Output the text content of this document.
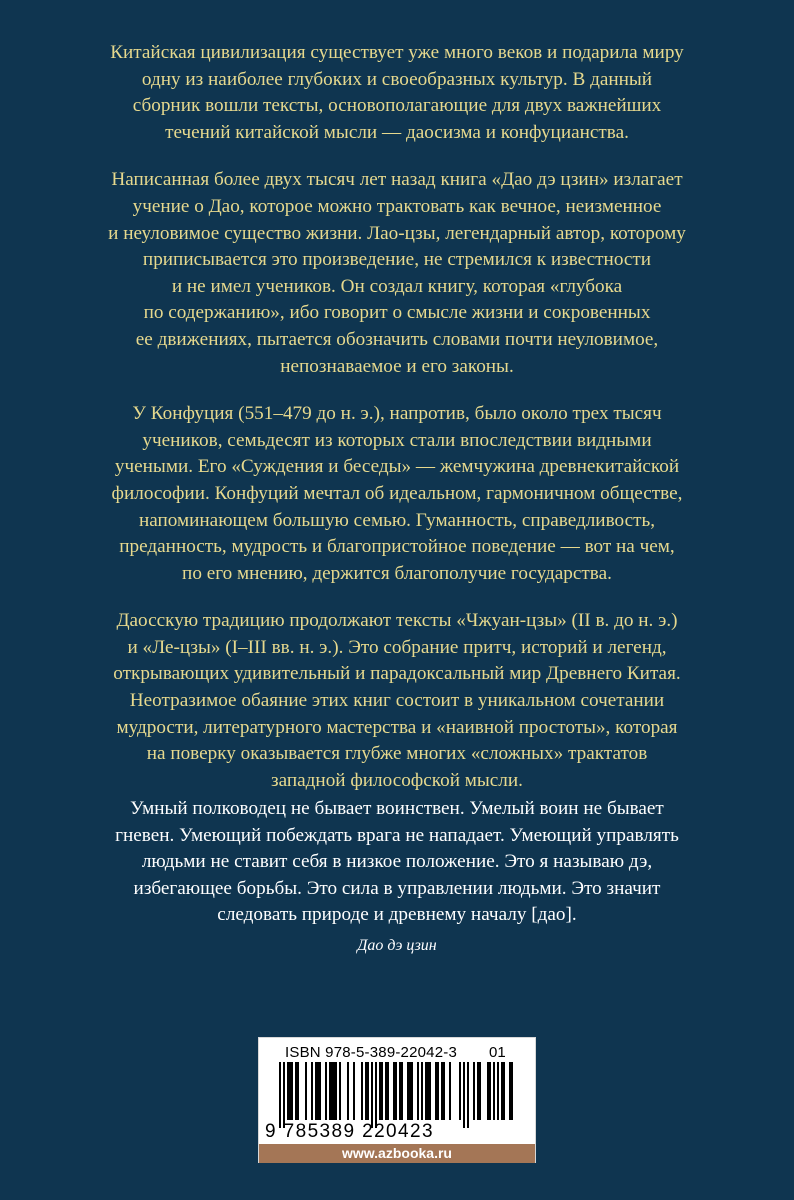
Китайская цивилизация существует уже много веков и подарила миру
одну из наиболее глубоких и своеобразных культур. В данный
сборник вошли тексты, основополагающие для двух важнейших
течений китайской мысли — даосизма и конфуцианства.

Написанная более двух тысяч лет назад книга «Дао дэ цзин» излагает
учение о Дао, которое можно трактовать как вечное, неизменное
и неуловимое существо жизни. Лао-цзы, легендарный автор, которому
приписывается это произведение, не стремился к известности
и не имел учеников. Он создал книгу, которая «глубока
по содержанию», ибо говорит о смысле жизни и сокровенных
ее движениях, пытается обозначить словами почти неуловимое,
непознаваемое и его законы.

У Конфуция (551–479 до н. э.), напротив, было около трех тысяч
учеников, семьдесят из которых стали впоследствии видными
учеными. Его «Суждения и беседы» — жемчужина древнекитайской
философии. Конфуций мечтал об идеальном, гармоничном обществе,
напоминающем большую семью. Гуманность, справедливость,
преданность, мудрость и благопристойное поведение — вот на чем,
по его мнению, держится благополучие государства.

Даосскую традицию продолжают тексты «Чжуан-цзы» (II в. до н. э.)
и «Ле-цзы» (I–III вв. н. э.). Это собрание притч, историй и легенд,
открывающих удивительный и парадоксальный мир Древнего Китая.
Неотразимое обаяние этих книг состоит в уникальном сочетании
мудрости, литературного мастерства и «наивной простоты», которая
на поверку оказывается глубже многих «сложных» трактатов
западной философской мысли.

Умный полководец не бывает воинствен. Умелый воин не бывает
гневен. Умеющий побеждать врага не нападает. Умеющий управлять
людьми не ставит себя в низкое положение. Это я называю дэ,
избегающее борьбы. Это сила в управлении людьми. Это значит
следовать природе и древнему началу [дао].

Дао дэ цзин
ISBN 978-5-389-22042-3 01
9 785389 220423
www.azbooka.ru
